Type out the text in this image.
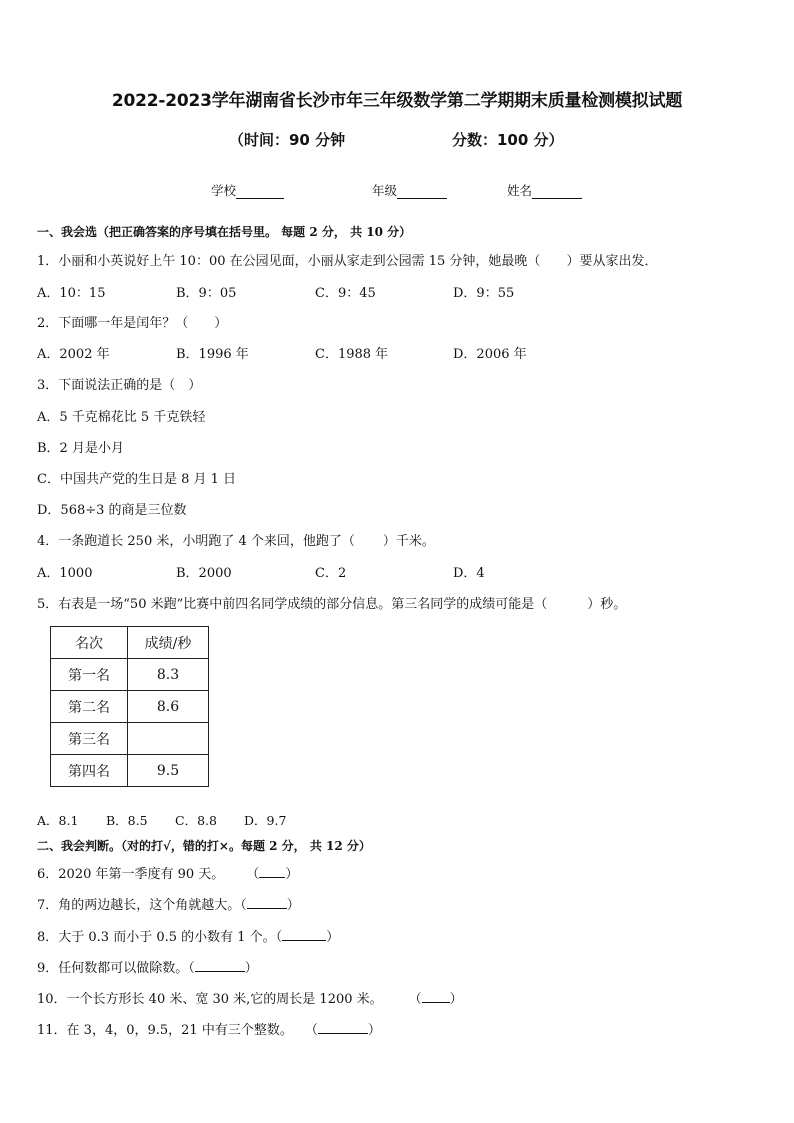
2022-2023学年湖南省长沙市年三年级数学第二学期期末质量检测模拟试题
（时间：90 分钟	分数：100 分）
学校	年级	姓名
一、我会选（把正确答案的序号填在括号里。 每题 2 分， 共 10 分）
1．小丽和小英说好上午 10：00 在公园见面，小丽从家走到公园需 15 分钟，她最晚（ ）要从家出发．
A．10：15	B．9：05	C．9：45	D．9：55
2．下面哪一年是闰年？（　　）
A．2002 年	B．1996 年	C．1988 年	D．2006 年
3．下面说法正确的是（　）
A．5 千克棉花比 5 千克铁轻
B．2 月是小月
C．中国共产党的生日是 8 月 1 日
D．568÷3 的商是三位数
4．一条跑道长 250 米，小明跑了 4 个来回，他跑了（ ）千米。
A．1000	B．2000	C．2	D．4
5．右表是一场“50 米跑”比赛中前四名同学成绩的部分信息。第三名同学的成绩可能是（	）秒。
名次	成绩/秒
第一名	8.3
第二名	8.6
第三名	
第四名	9.5
A．8.1 B．8.5 C．8.8 D．9.7
二、我会判断。（对的打√，错的打×。每题 2 分， 共 12 分）
6．2020 年第一季度有 90 天。 （ ）
7．角的两边越长，这个角就越大。（	）
8．大于 0.3 而小于 0.5 的小数有 1 个。（	）
9．任何数都可以做除数。（	）
10．一个长方形长 40 米、宽 30 米,它的周长是 1200 米。 （ ）
11．在 3，4，0，9.5，21 中有三个整数。 （	）
